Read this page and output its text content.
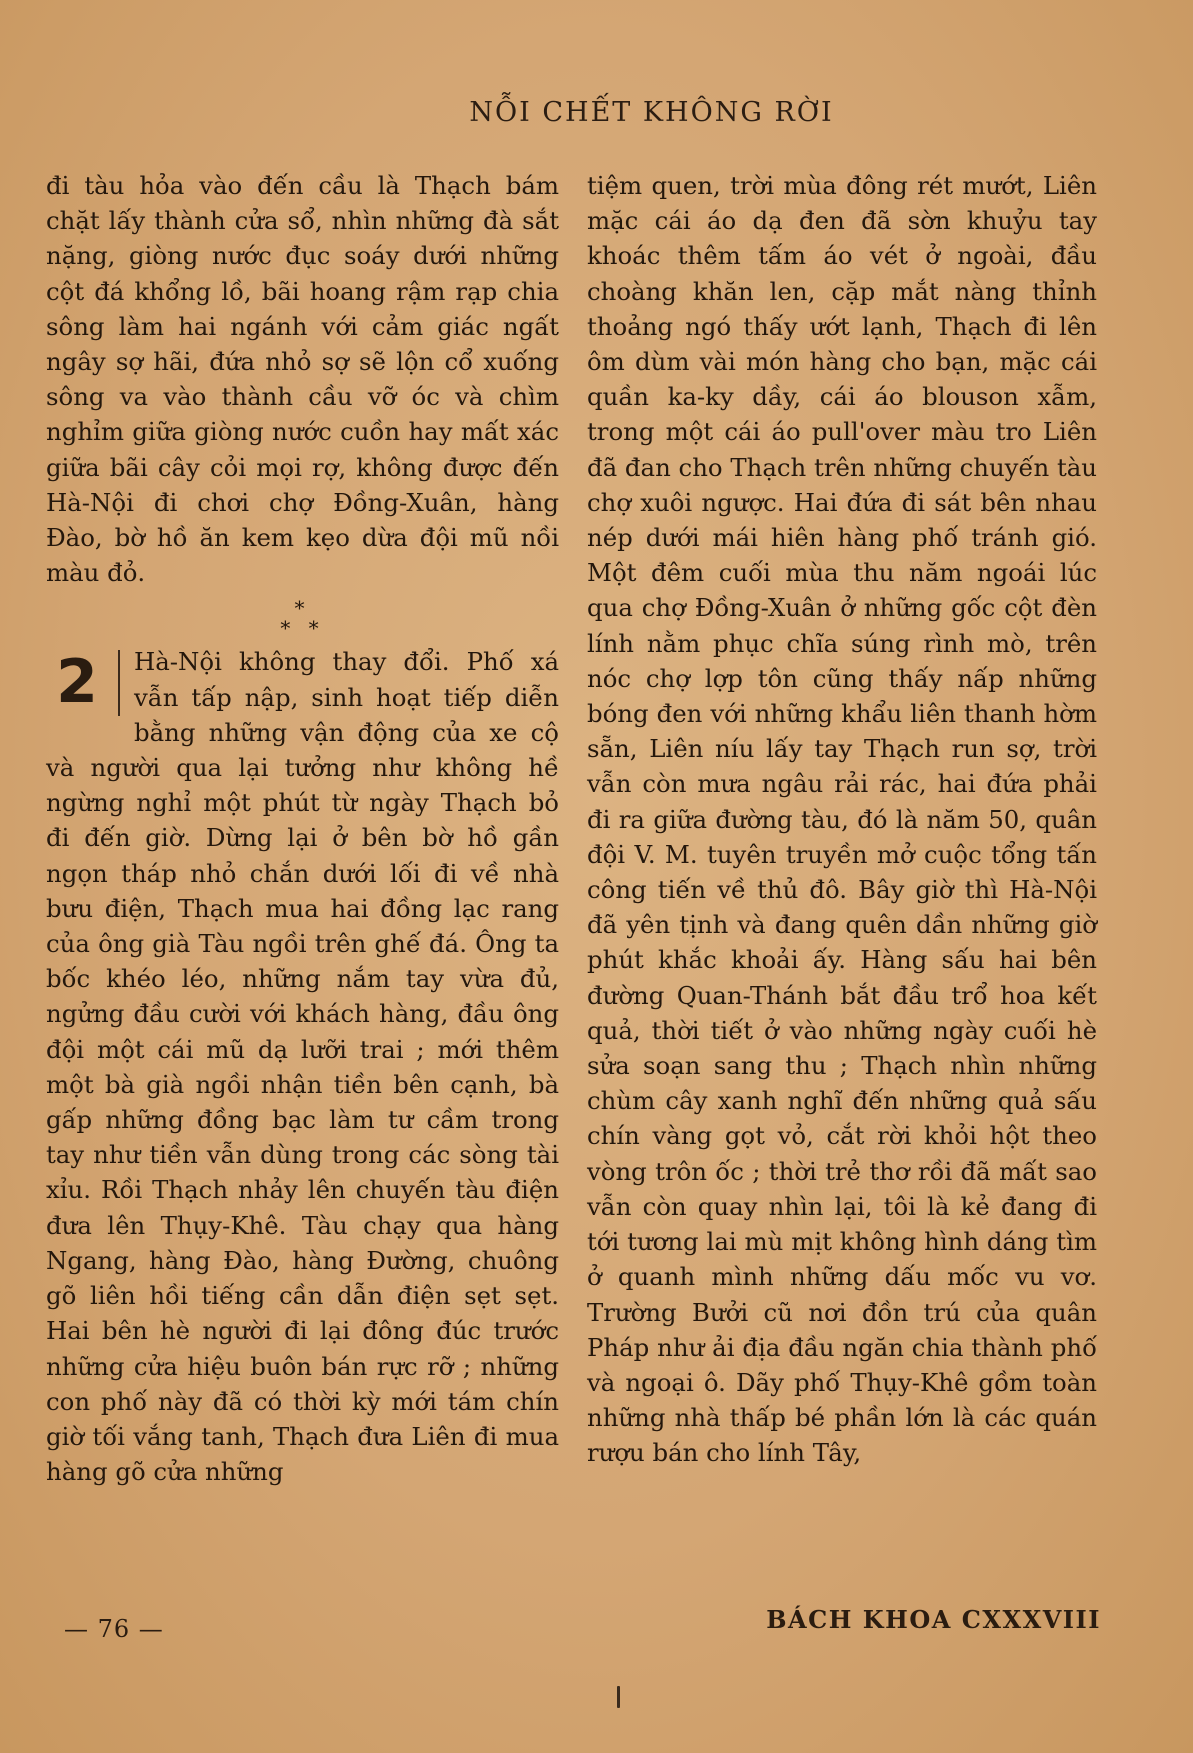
NỖI CHẾT KHÔNG RỜI

đi tàu hỏa vào đến cầu là Thạch bám chặt lấy thành cửa sổ, nhìn những đà sắt nặng, giòng nước đục soáy dưới những cột đá khổng lồ, bãi hoang rậm rạp chia sông làm hai ngánh với cảm giác ngất ngây sợ hãi, đứa nhỏ sợ sẽ lộn cổ xuống sông va vào thành cầu vỡ óc và chìm nghỉm giữa giòng nước cuồn hay mất xác giữa bãi cây cỏi mọi rợ, không được đến Hà-Nội đi chơi chợ Đồng-Xuân, hàng Đào, bờ hồ ăn kem kẹo dừa đội mũ nồi màu đỏ.

*
* *
2	Hà-Nội không thay đổi. Phố xá vẫn tấp nập, sinh hoạt tiếp diễn bằng những vận động của xe cộ và người qua lại tưởng như không hề ngừng nghỉ một phút từ ngày Thạch bỏ đi đến giờ. Dừng lại ở bên bờ hồ gần ngọn tháp nhỏ chắn dưới lối đi về nhà bưu điện, Thạch mua hai đồng lạc rang của ông già Tàu ngồi trên ghế đá. Ông ta bốc khéo léo, những nắm tay vừa đủ, ngửng đầu cười với khách hàng, đầu ông đội một cái mũ dạ lưỡi trai ; mới thêm một bà già ngồi nhận tiền bên cạnh, bà gấp những đồng bạc làm tư cầm trong tay như tiền vẫn dùng trong các sòng tài xỉu. Rồi Thạch nhảy lên chuyến tàu điện đưa lên Thụy-Khê. Tàu chạy qua hàng Ngang, hàng Đào, hàng Đường, chuông gõ liên hồi tiếng cần dẫn điện sẹt sẹt. Hai bên hè người đi lại đông đúc trước những cửa hiệu buôn bán rực rỡ ; những con phố này đã có thời kỳ mới tám chín giờ tối vắng tanh, Thạch đưa Liên đi mua hàng gõ cửa những

tiệm quen, trời mùa đông rét mướt, Liên mặc cái áo dạ đen đã sờn khuỷu tay khoác thêm tấm áo vét ở ngoài, đầu choàng khăn len, cặp mắt nàng thỉnh thoảng ngó thấy ướt lạnh, Thạch đi lên ôm dùm vài món hàng cho bạn, mặc cái quần ka-ky dầy, cái áo blouson xẫm, trong một cái áo pull'over màu tro Liên đã đan cho Thạch trên những chuyến tàu chợ xuôi ngược. Hai đứa đi sát bên nhau nép dưới mái hiên hàng phố tránh gió. Một đêm cuối mùa thu năm ngoái lúc qua chợ Đồng-Xuân ở những gốc cột đèn lính nằm phục chĩa súng rình mò, trên nóc chợ lợp tôn cũng thấy nấp những bóng đen với những khẩu liên thanh hờm sẵn, Liên níu lấy tay Thạch run sợ, trời vẫn còn mưa ngâu rải rác, hai đứa phải đi ra giữa đường tàu, đó là năm 50, quân đội V. M. tuyên truyền mở cuộc tổng tấn công tiến về thủ đô. Bây giờ thì Hà-Nội đã yên tịnh và đang quên dần những giờ phút khắc khoải ấy. Hàng sấu hai bên đường Quan-Thánh bắt đầu trổ hoa kết quả, thời tiết ở vào những ngày cuối hè sửa soạn sang thu ; Thạch nhìn những chùm cây xanh nghĩ đến những quả sấu chín vàng gọt vỏ, cắt rời khỏi hột theo vòng trôn ốc ; thời trẻ thơ rồi đã mất sao vẫn còn quay nhìn lại, tôi là kẻ đang đi tới tương lai mù mịt không hình dáng tìm ở quanh mình những dấu mốc vu vơ. Trường Bưởi cũ nơi đồn trú của quân Pháp như ải địa đầu ngăn chia thành phố và ngoại ô. Dãy phố Thụy-Khê gồm toàn những nhà thấp bé phần lớn là các quán rượu bán cho lính Tây,

— 76 —	BÁCH KHOA CXXXVIII
